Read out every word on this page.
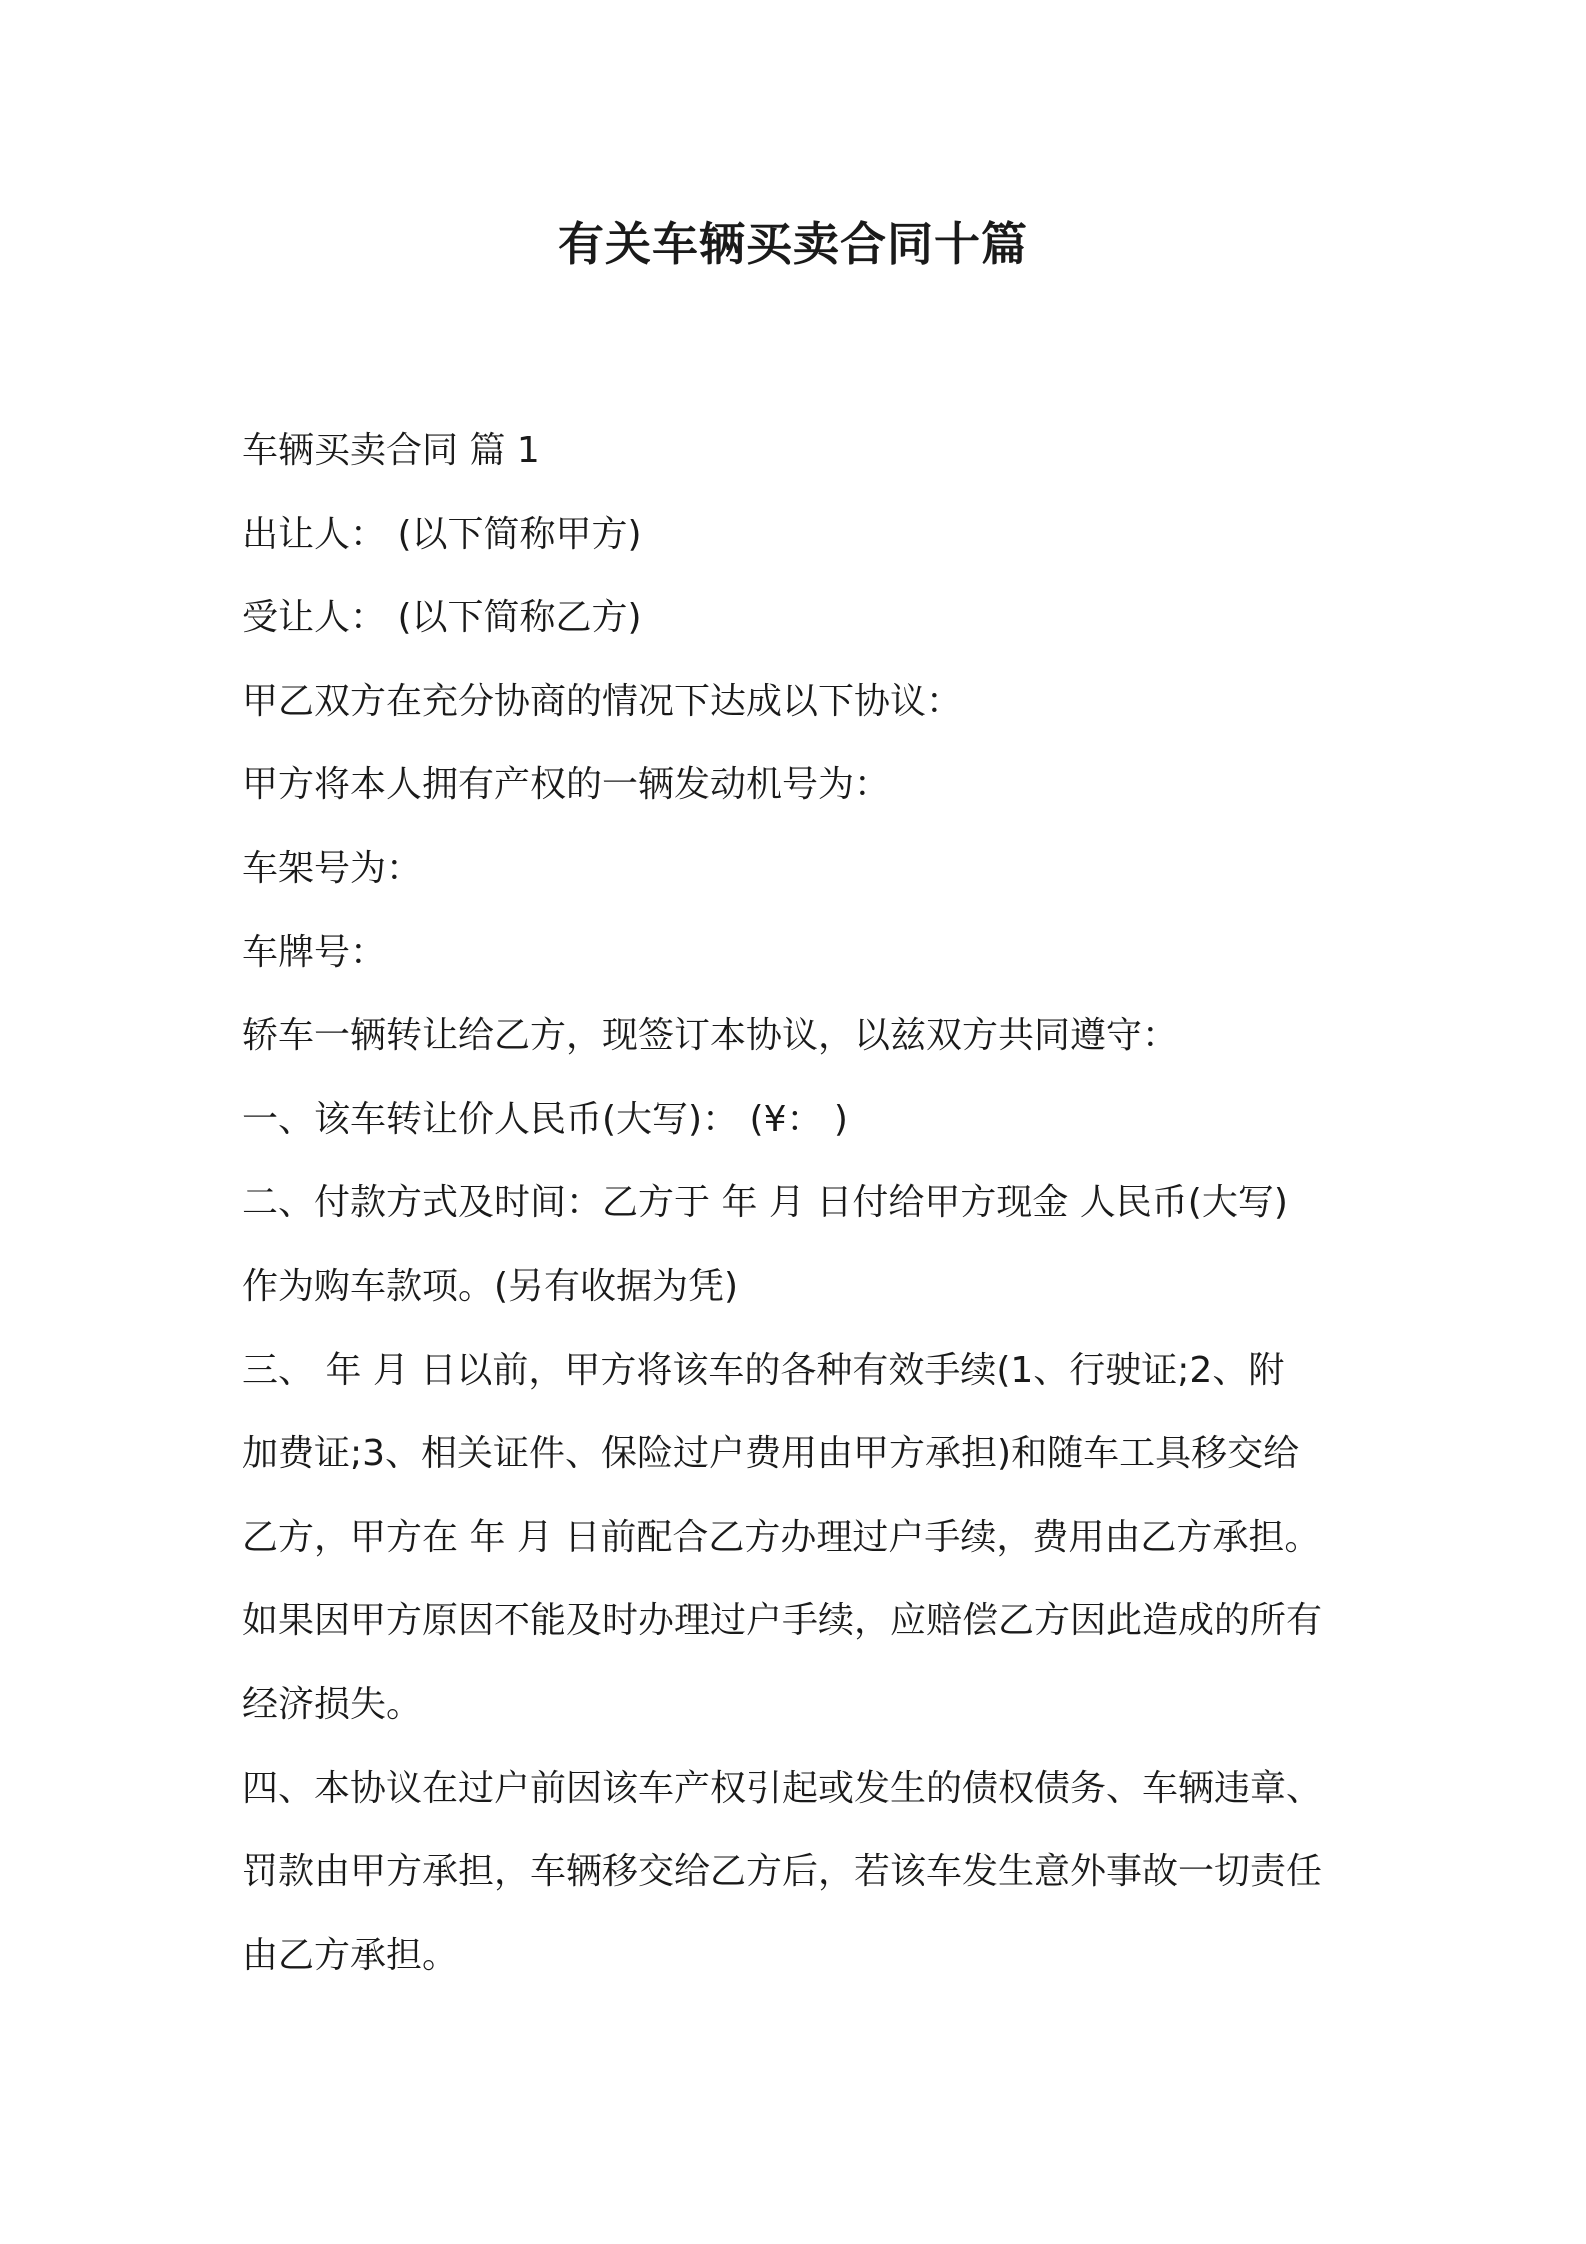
有关车辆买卖合同十篇

车辆买卖合同 篇 1

出让人： (以下简称甲方)

受让人： (以下简称乙方)

甲乙双方在充分协商的情况下达成以下协议：

甲方将本人拥有产权的一辆发动机号为：

车架号为：

车牌号：

轿车一辆转让给乙方，现签订本协议，以兹双方共同遵守：

一、该车转让价人民币(大写)： (¥： )

二、付款方式及时间：乙方于 年 月 日付给甲方现金 人民币(大写)

作为购车款项。(另有收据为凭)

三、 年 月 日以前，甲方将该车的各种有效手续(1、行驶证;2、附

加费证;3、相关证件、保险过户费用由甲方承担)和随车工具移交给

乙方，甲方在 年 月 日前配合乙方办理过户手续，费用由乙方承担。

如果因甲方原因不能及时办理过户手续，应赔偿乙方因此造成的所有

经济损失。

四、本协议在过户前因该车产权引起或发生的债权债务、车辆违章、

罚款由甲方承担，车辆移交给乙方后，若该车发生意外事故一切责任

由乙方承担。
